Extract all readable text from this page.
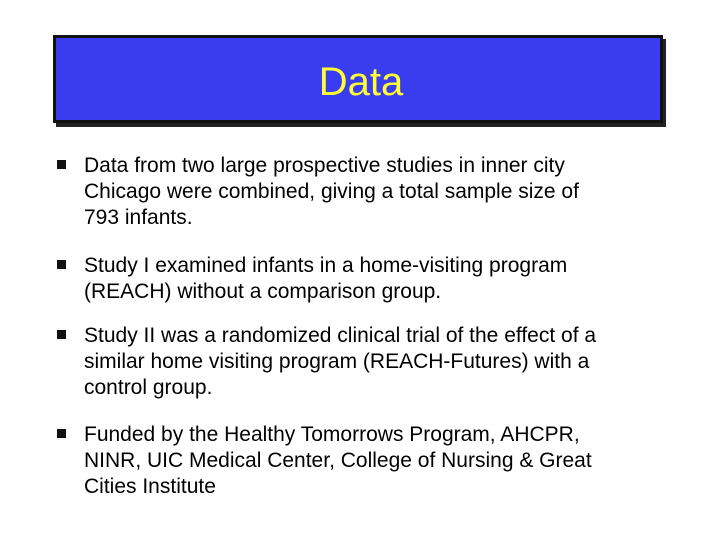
Data
Data from two large prospective studies in inner city
Chicago were combined, giving a total sample size of
793 infants.
Study I examined infants in a home-visiting program
(REACH) without a comparison group.
Study II was a randomized clinical trial of the effect of a
similar home visiting program (REACH-Futures) with a
control group.
Funded by the Healthy Tomorrows Program, AHCPR,
NINR, UIC Medical Center, College of Nursing & Great
Cities Institute
